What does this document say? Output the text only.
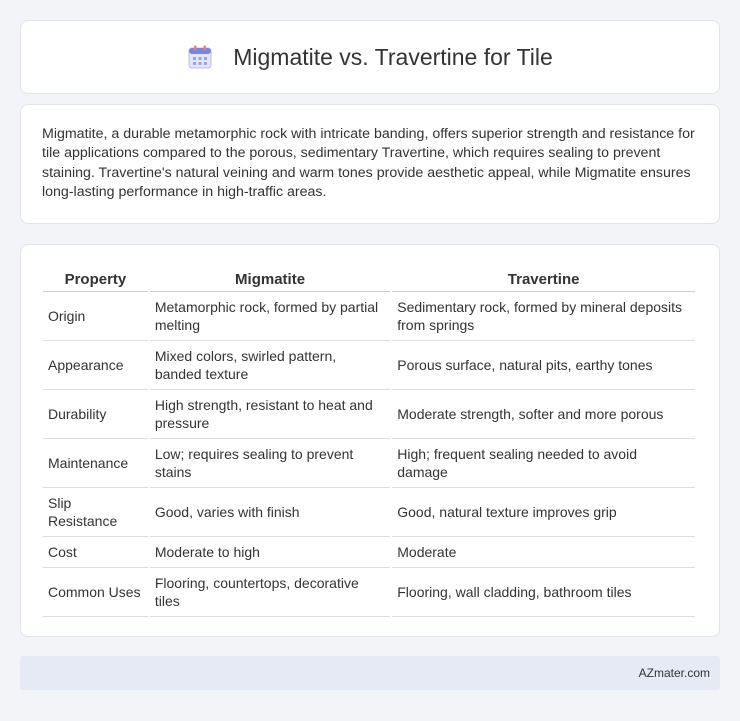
Migmatite vs. Travertine for Tile

Migmatite, a durable metamorphic rock with intricate banding, offers superior strength and resistance for tile applications compared to the porous, sedimentary Travertine, which requires sealing to prevent staining. Travertine's natural veining and warm tones provide aesthetic appeal, while Migmatite ensures long-lasting performance in high-traffic areas.

Property	Migmatite	Travertine
Origin	Metamorphic rock, formed by partial melting	Sedimentary rock, formed by mineral deposits from springs
Appearance	Mixed colors, swirled pattern, banded texture	Porous surface, natural pits, earthy tones
Durability	High strength, resistant to heat and pressure	Moderate strength, softer and more porous
Maintenance	Low; requires sealing to prevent stains	High; frequent sealing needed to avoid damage
Slip Resistance	Good, varies with finish	Good, natural texture improves grip
Cost	Moderate to high	Moderate
Common Uses	Flooring, countertops, decorative tiles	Flooring, wall cladding, bathroom tiles
AZmater.com
